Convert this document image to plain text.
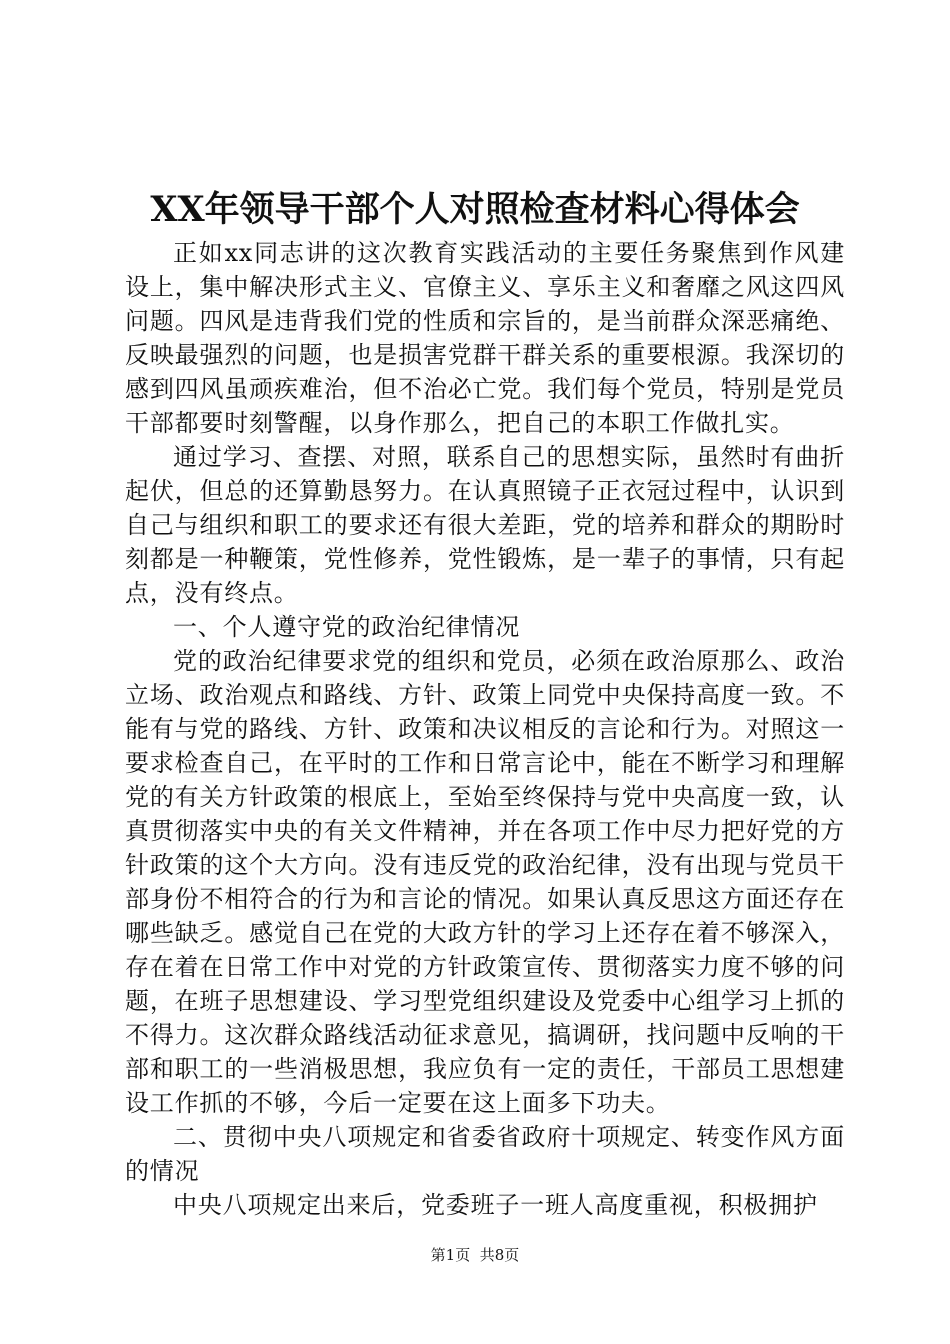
XX年领导干部个人对照检查材料心得体会

正如xx同志讲的这次教育实践活动的主要任务聚焦到作风建设上，集中解决形式主义、官僚主义、享乐主义和奢靡之风这四风问题。四风是违背我们党的性质和宗旨的，是当前群众深恶痛绝、反映最强烈的问题，也是损害党群干群关系的重要根源。我深切的感到四风虽顽疾难治，但不治必亡党。我们每个党员，特别是党员干部都要时刻警醒，以身作那么，把自己的本职工作做扎实。

通过学习、查摆、对照，联系自己的思想实际，虽然时有曲折起伏，但总的还算勤恳努力。在认真照镜子正衣冠过程中，认识到自己与组织和职工的要求还有很大差距，党的培养和群众的期盼时刻都是一种鞭策，党性修养，党性锻炼，是一辈子的事情，只有起点，没有终点。

一、个人遵守党的政治纪律情况

党的政治纪律要求党的组织和党员，必须在政治原那么、政治立场、政治观点和路线、方针、政策上同党中央保持高度一致。不能有与党的路线、方针、政策和决议相反的言论和行为。对照这一要求检查自己，在平时的工作和日常言论中，能在不断学习和理解党的有关方针政策的根底上，至始至终保持与党中央高度一致，认真贯彻落实中央的有关文件精神，并在各项工作中尽力把好党的方针政策的这个大方向。没有违反党的政治纪律，没有出现与党员干部身份不相符合的行为和言论的情况。如果认真反思这方面还存在哪些缺乏。感觉自己在党的大政方针的学习上还存在着不够深入，存在着在日常工作中对党的方针政策宣传、贯彻落实力度不够的问题，在班子思想建设、学习型党组织建设及党委中心组学习上抓的不得力。这次群众路线活动征求意见，搞调研，找问题中反响的干部和职工的一些消极思想，我应负有一定的责任，干部员工思想建设工作抓的不够，今后一定要在这上面多下功夫。

二、贯彻中央八项规定和省委省政府十项规定、转变作风方面的情况

中央八项规定出来后，党委班子一班人高度重视，积极拥护

第1页 共8页
